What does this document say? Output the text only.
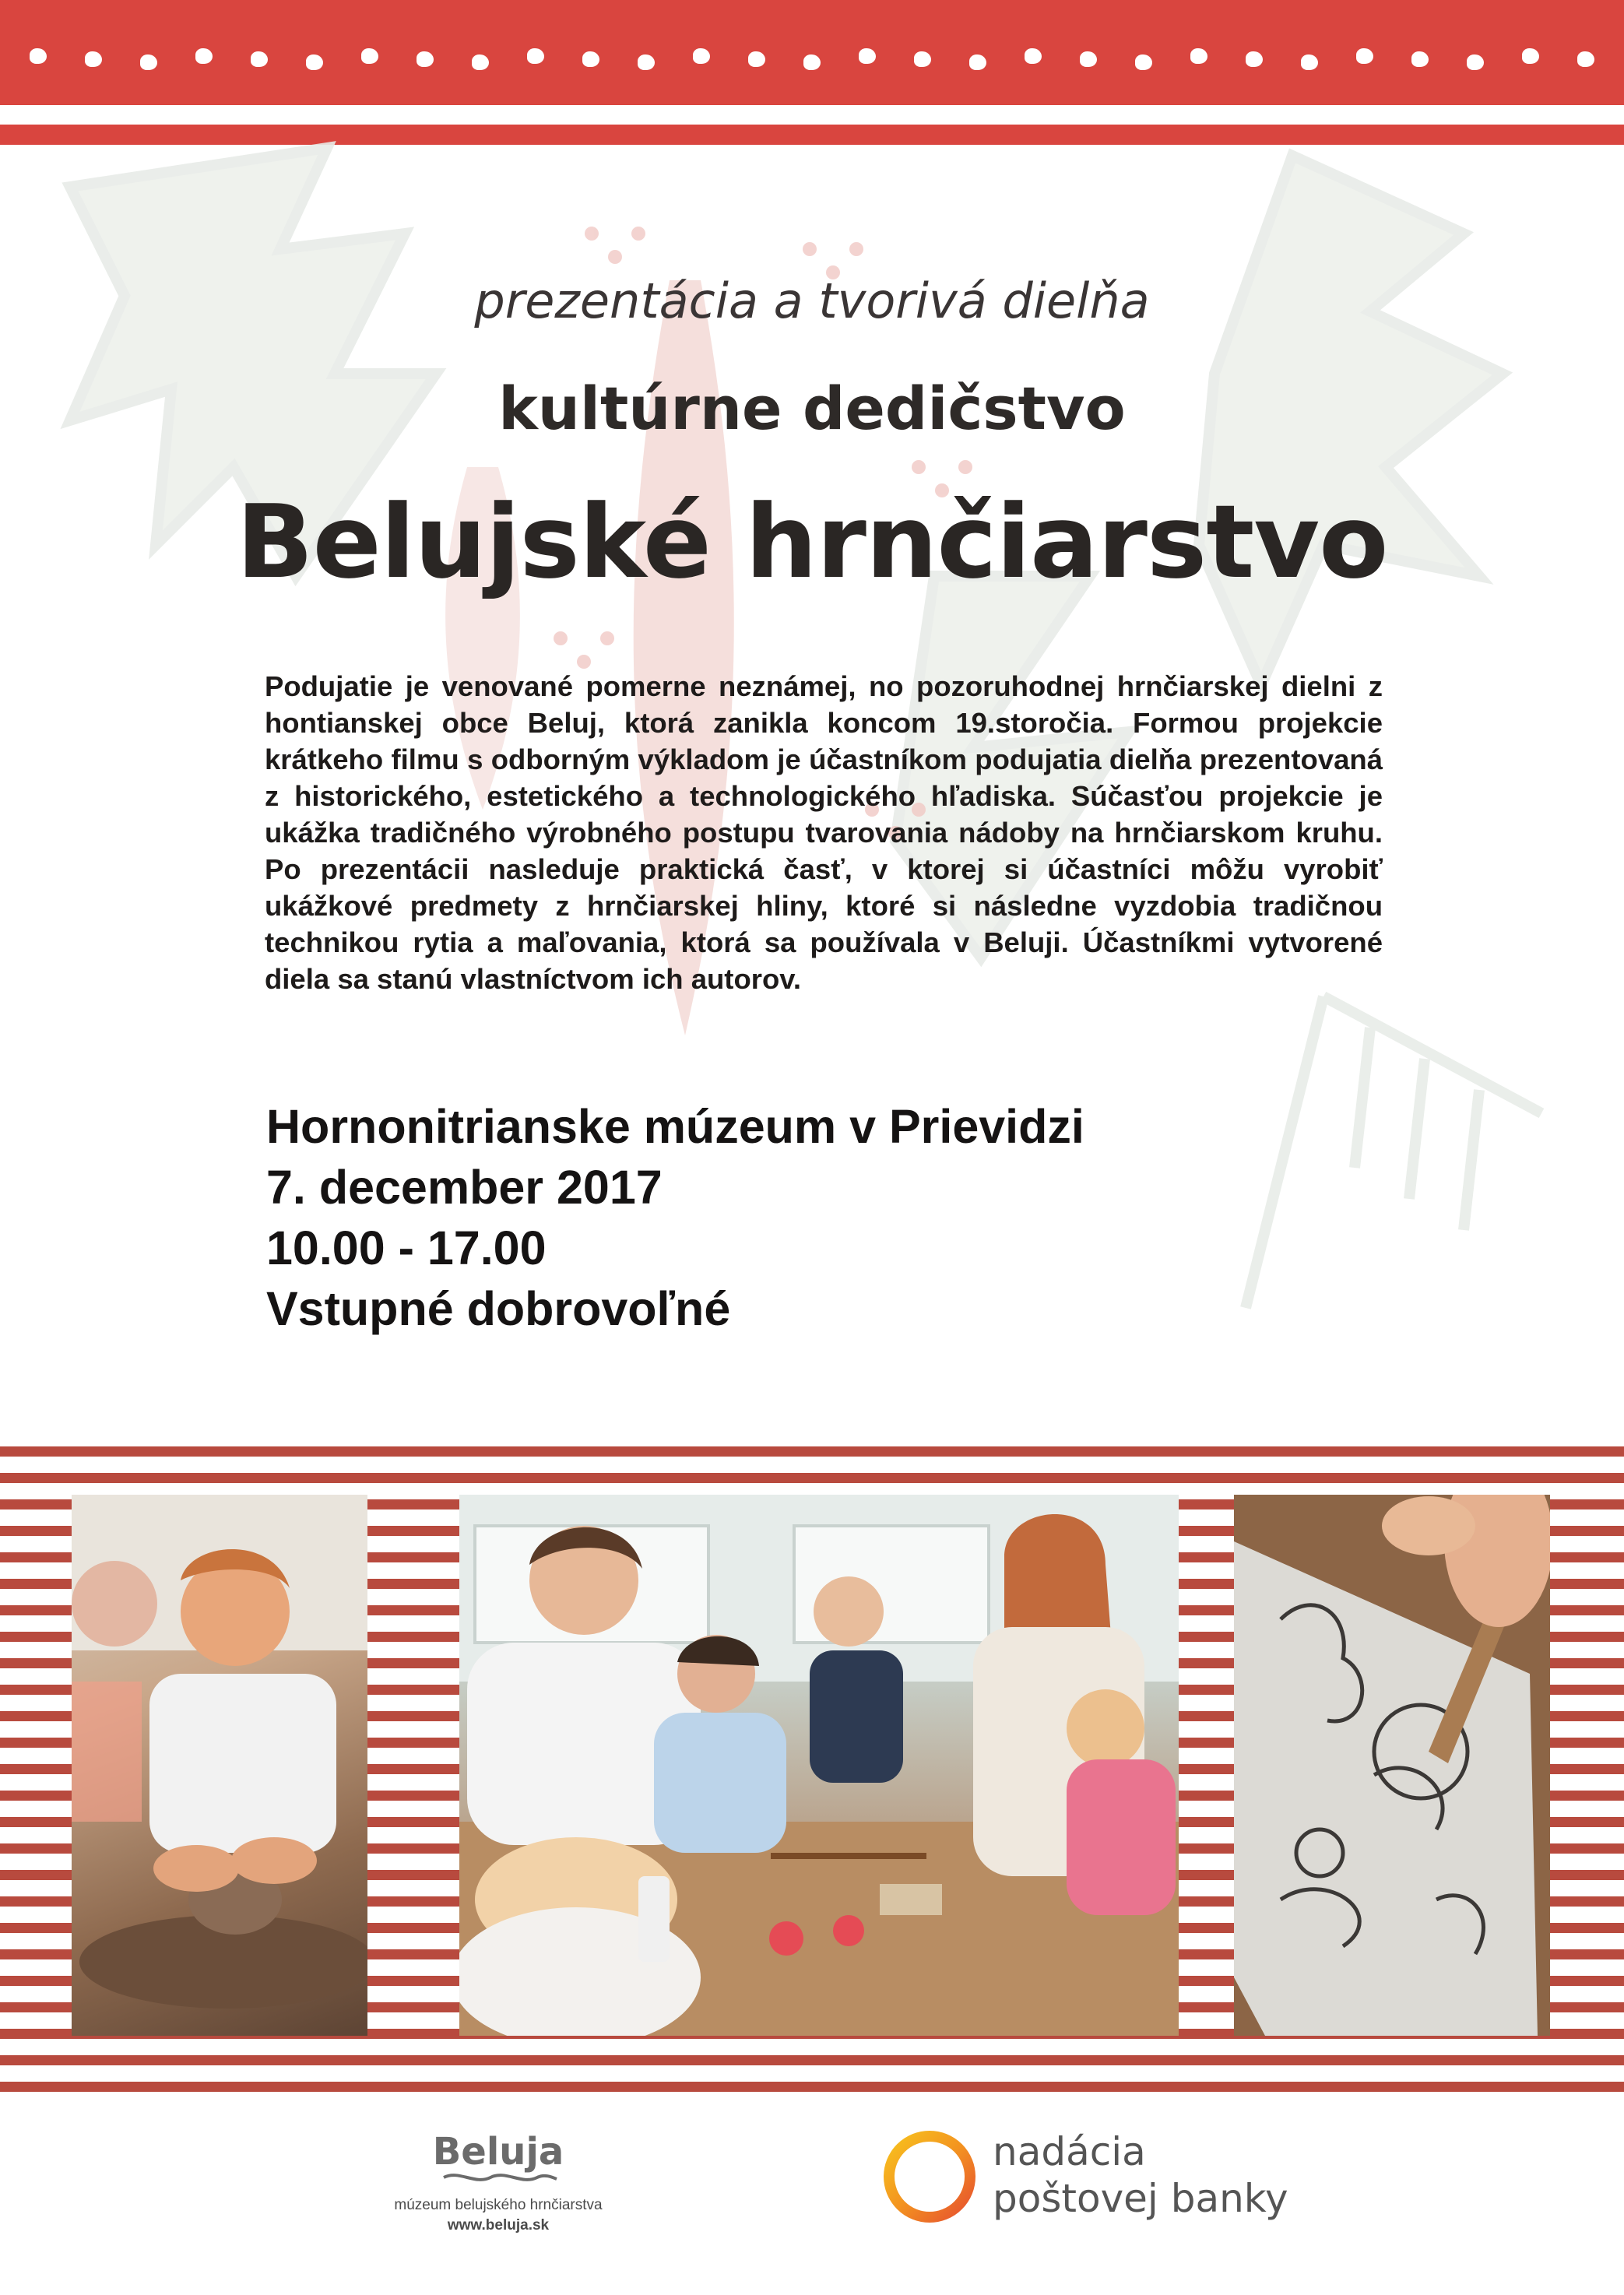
prezentácia a tvorivá dielňa
kultúrne dedičstvo
Belujské hrnčiarstvo
Podujatie je venované pomerne neznámej, no pozoruhodnej hrnčiarskej dielni z hontianskej obce Beluj, ktorá zanikla koncom 19.storočia. Formou projekcie krátkeho filmu s odborným výkladom je účastníkom podujatia dielňa prezentovaná z historického, estetického a technologického hľadiska. Súčasťou projekcie je ukážka tradičného výrobného postupu tvarovania nádoby na hrnčiarskom kruhu. Po prezentácii nasleduje praktická časť, v ktorej si účastníci môžu vyrobiť ukážkové predmety z hrnčiarskej hliny, ktoré si následne vyzdobia tradičnou technikou rytia a maľovania, ktorá sa používala v Beluji. Účastníkmi vytvorené diela sa stanú vlastníctvom ich autorov.
Hornonitrianske múzeum v Prievidzi
7. december 2017
10.00 - 17.00
Vstupné dobrovoľné
Beluja
múzeum belujského hrnčiarstva
www.beluja.sk
nadácia
poštovej banky
